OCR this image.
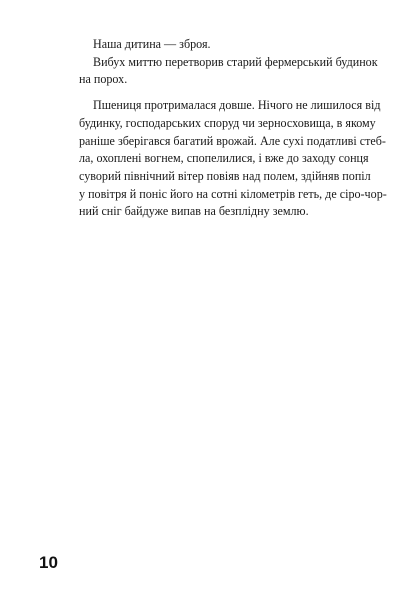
Наша дитина — зброя.
Вибух миттю перетворив старий фермерський будинок
на порох.
Пшениця протрималася довше. Нічого не лишилося від
будинку, господарських споруд чи зерносховища, в якому
раніше зберігався багатий врожай. Але сухі податливі стеб-
ла, охоплені вогнем, спопелилися, і вже до заходу сонця
суворий північний вітер повіяв над полем, здійняв попіл
у повітря й поніс його на сотні кілометрів геть, де сіро-чор-
ний сніг байдуже випав на безплідну землю.
10
